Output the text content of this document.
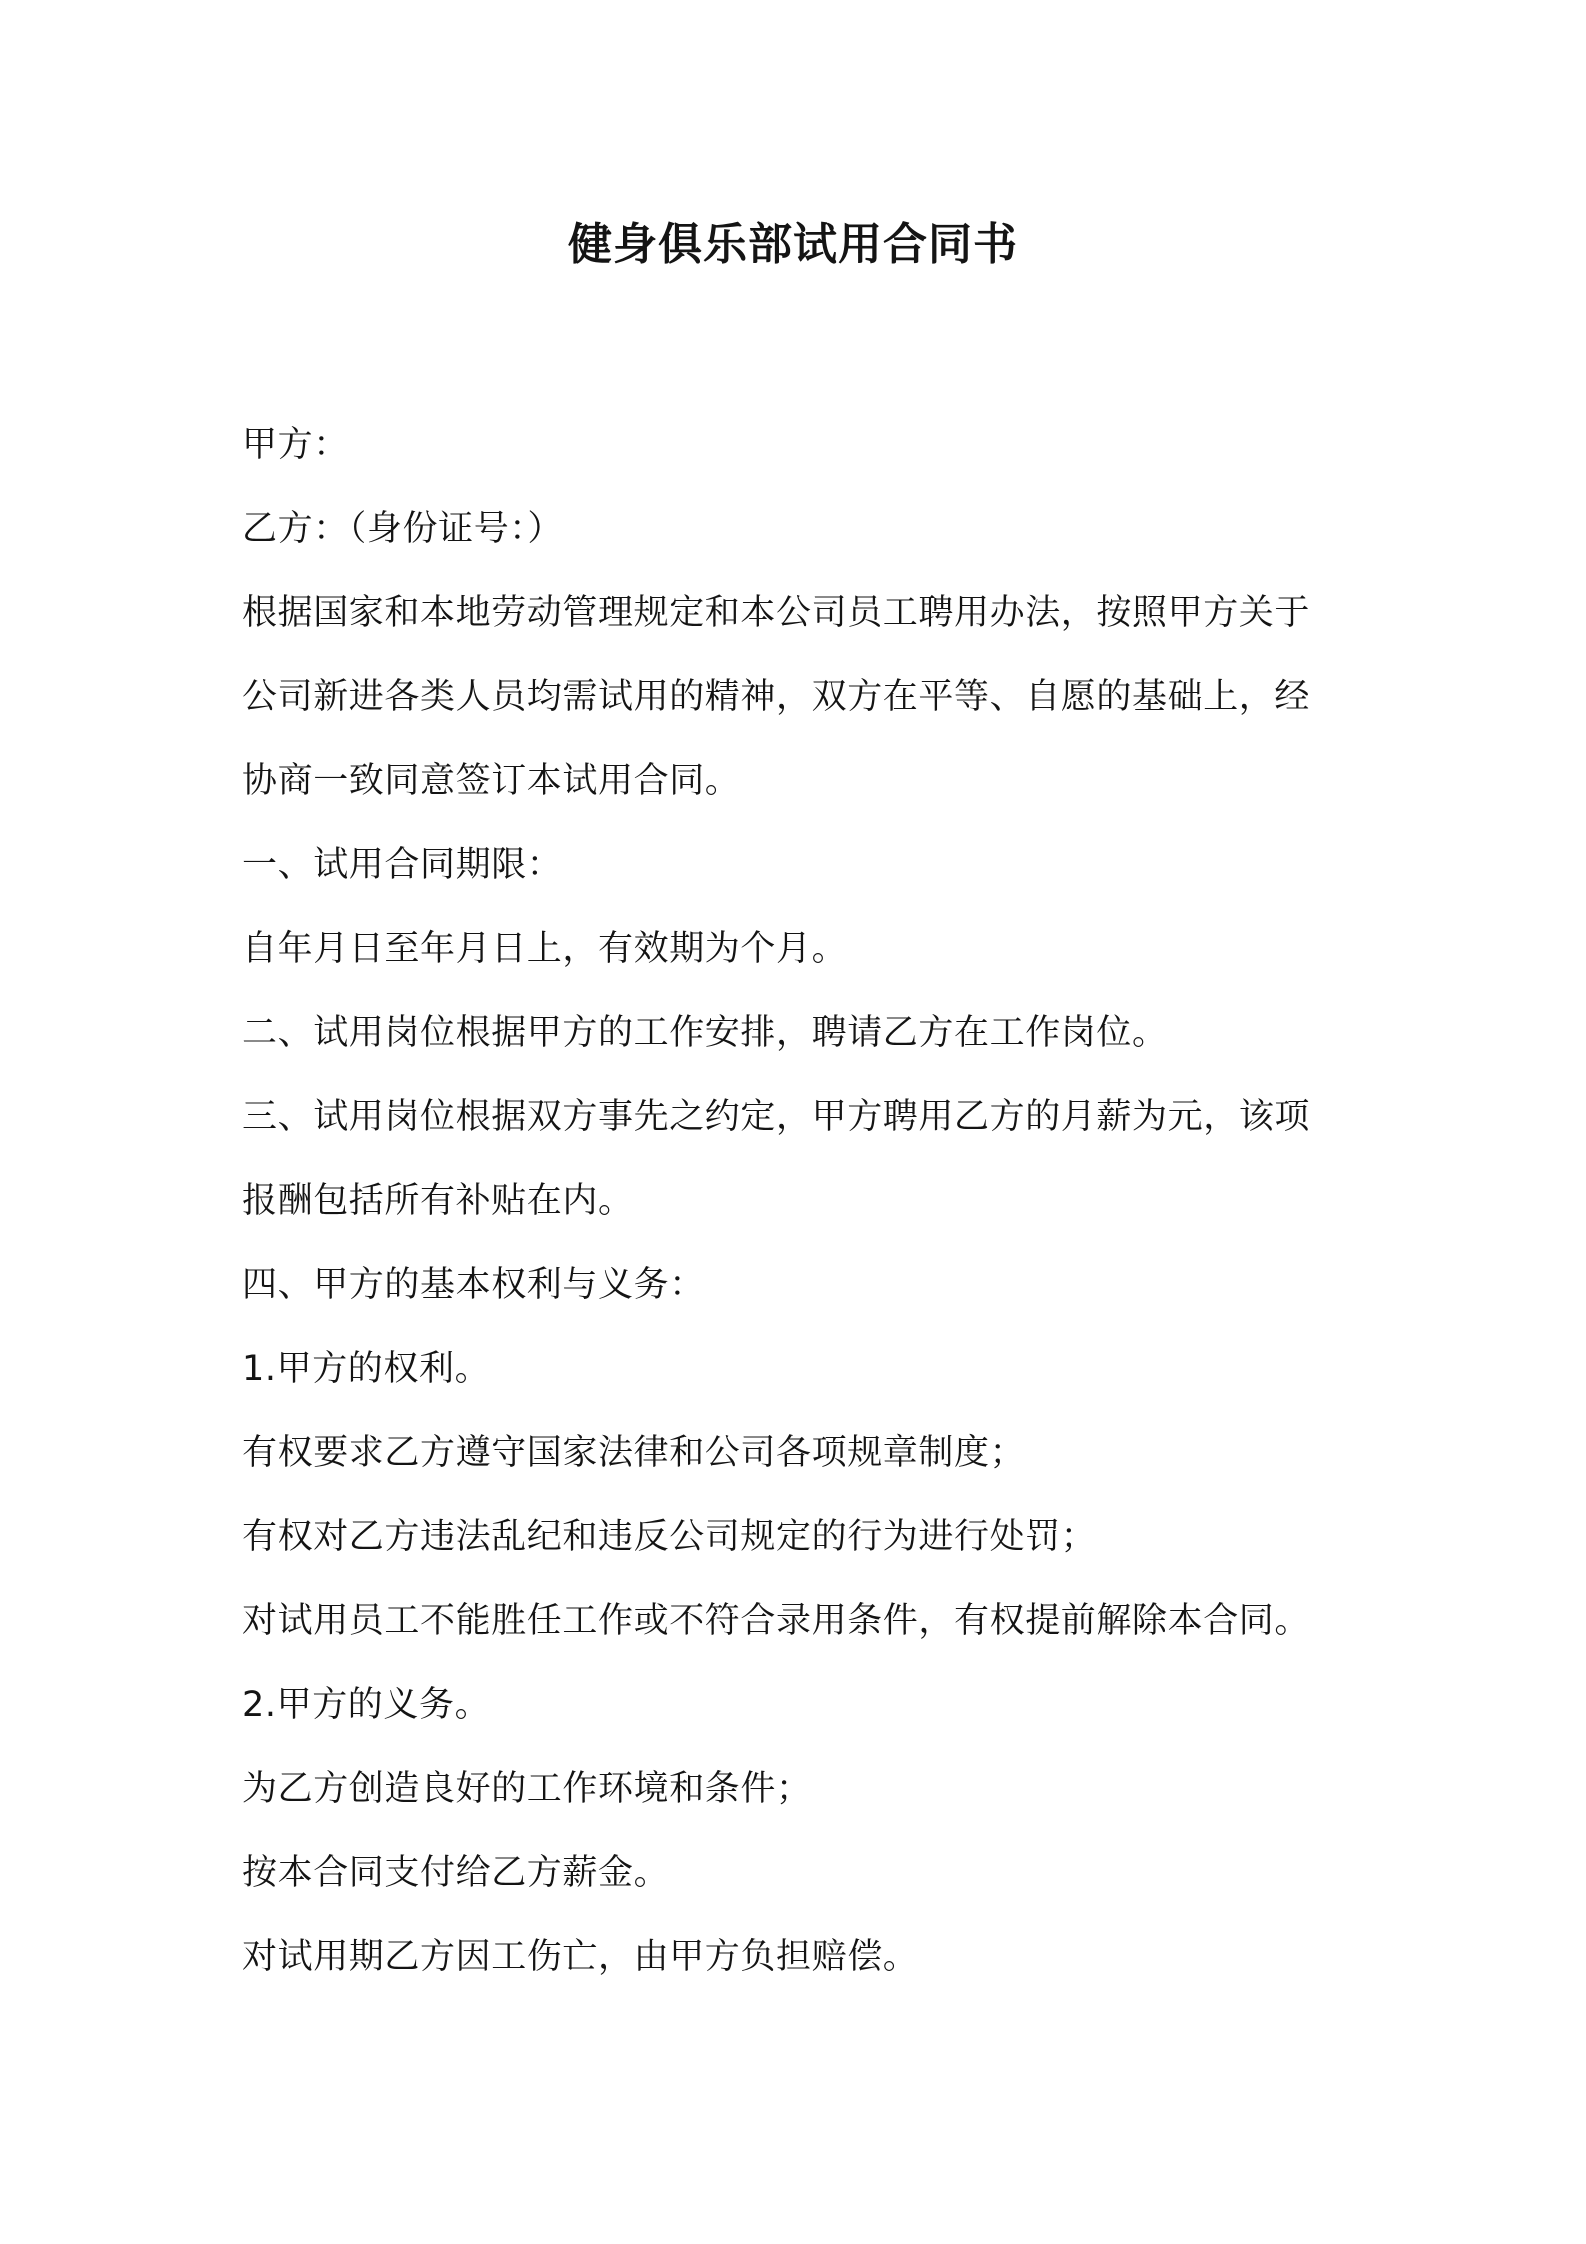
健身俱乐部试用合同书
甲方：
乙方：（身份证号：）
根据国家和本地劳动管理规定和本公司员工聘用办法，按照甲方关于
公司新进各类人员均需试用的精神，双方在平等、自愿的基础上，经
协商一致同意签订本试用合同。
一、试用合同期限：
自年月日至年月日上，有效期为个月。
二、试用岗位根据甲方的工作安排，聘请乙方在工作岗位。
三、试用岗位根据双方事先之约定，甲方聘用乙方的月薪为元，该项
报酬包括所有补贴在内。
四、甲方的基本权利与义务：
1.甲方的权利。
有权要求乙方遵守国家法律和公司各项规章制度；
有权对乙方违法乱纪和违反公司规定的行为进行处罚；
对试用员工不能胜任工作或不符合录用条件，有权提前解除本合同。
2.甲方的义务。
为乙方创造良好的工作环境和条件；
按本合同支付给乙方薪金。
对试用期乙方因工伤亡，由甲方负担赔偿。
